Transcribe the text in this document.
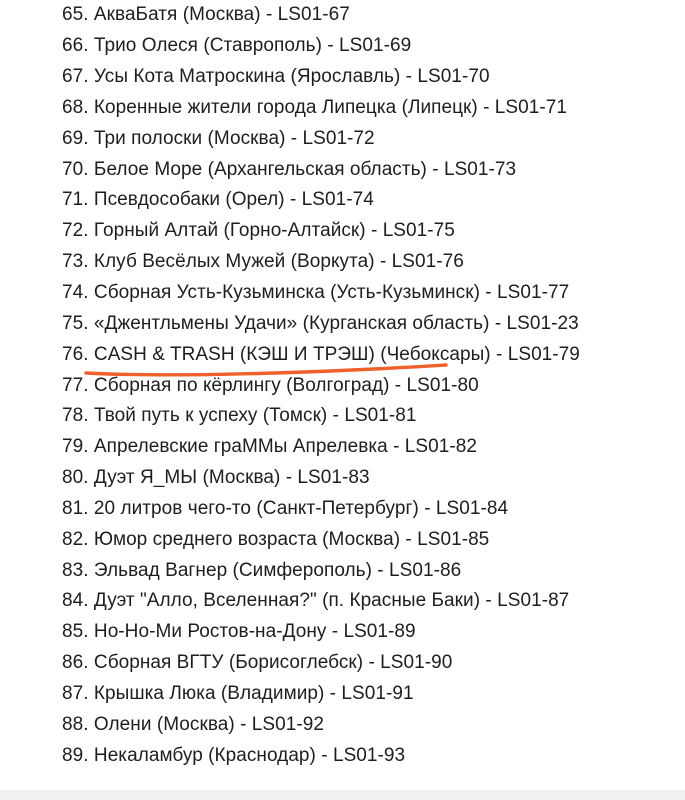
65.
АкваБатя (Москва) - LS01-67
66.
Трио Олеся (Ставрополь) - LS01-69
67.
Усы Кота Матроскина (Ярославль) - LS01-70
68.
Коренные жители города Липецка (Липецк) - LS01-71
69.
Три полоски (Москва) - LS01-72
70.
Белое Море (Архангельская область) - LS01-73
71.
Псевдособаки (Орел) - LS01-74
72.
Горный Алтай (Горно-Алтайск) - LS01-75
73.
Клуб Весёлых Мужей (Воркута) - LS01-76
74.
Сборная Усть-Кузьминска (Усть-Кузьминск) - LS01-77
75.
«Джентльмены Удачи» (Курганская область) - LS01-23
76.
CASH & TRASH (КЭШ И ТРЭШ) (Чебоксары) - LS01-79
77.
Сборная по кёрлингу (Волгоград) - LS01-80
78.
Твой путь к успеху (Томск) - LS01-81
79.
Апрелевские граММы Апрелевка - LS01-82
80.
Дуэт Я_МЫ (Москва) - LS01-83
81.
20 литров чего-то (Санкт-Петербург) - LS01-84
82.
Юмор среднего возраста (Москва) - LS01-85
83.
Эльвад Вагнер (Симферополь) - LS01-86
84.
Дуэт "Алло, Вселенная?" (п. Красные Баки) - LS01-87
85.
Но-Но-Ми Ростов-на-Дону - LS01-89
86.
Сборная ВГТУ (Борисоглебск) - LS01-90
87.
Крышка Люка (Владимир) - LS01-91
88.
Олени (Москва) - LS01-92
89.
Некаламбур (Краснодар) - LS01-93
